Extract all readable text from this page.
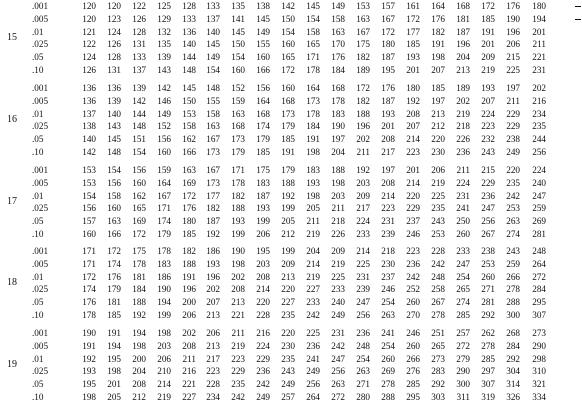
15
.001	120	120	122	125	128	133	135	138	142	145	149	153	157	161	164	168	172	176	180
.005	120	123	126	129	133	137	141	145	150	154	158	163	167	172	176	181	185	190	194
.01	121	124	128	132	136	140	145	149	154	158	163	167	172	177	182	187	191	196	201
.025	122	126	131	135	140	145	150	155	160	165	170	175	180	185	191	196	201	206	211
.05	124	128	133	139	144	149	154	160	165	171	176	182	187	193	198	204	209	215	221
.10	126	131	137	143	148	154	160	166	172	178	184	189	195	201	207	213	219	225	231
16
.001	136	136	139	142	145	148	152	156	160	164	168	172	176	180	185	189	193	197	202
.005	136	139	142	146	150	155	159	164	168	173	178	182	187	192	197	202	207	211	216
.01	137	140	144	149	153	158	163	168	173	178	183	188	193	208	213	219	224	229	234
.025	138	143	148	152	158	163	168	174	179	184	190	196	201	207	212	218	223	229	235
.05	140	145	151	156	162	167	173	179	185	191	197	202	208	214	220	226	232	238	244
.10	142	148	154	160	166	173	179	185	191	198	204	211	217	223	230	236	243	249	256
17
.001	153	154	156	159	163	167	171	175	179	183	188	192	197	201	206	211	215	220	224
.005	153	156	160	164	169	173	178	183	188	193	198	203	208	214	219	224	229	235	240
.01	154	158	162	167	172	177	182	187	192	198	203	209	214	220	225	231	236	242	247
.025	156	160	165	171	176	182	188	193	199	205	211	217	223	229	235	241	247	253	259
.05	157	163	169	174	180	187	193	199	205	211	218	224	231	237	243	250	256	263	269
.10	160	166	172	179	185	192	199	206	212	219	226	233	239	246	253	260	267	274	281
18
.001	171	172	175	178	182	186	190	195	199	204	209	214	218	223	228	233	238	243	248
.005	171	174	178	183	188	193	198	203	209	214	219	225	230	236	242	247	253	259	264
.01	172	176	181	186	191	196	202	208	213	219	225	231	237	242	248	254	260	266	272
.025	174	179	184	190	196	202	208	214	220	227	233	239	246	252	258	265	271	278	284
.05	176	181	188	194	200	207	213	220	227	233	240	247	254	260	267	274	281	288	295
.10	178	185	192	199	206	213	221	228	235	242	249	256	263	270	278	285	292	300	307
19
.001	190	191	194	198	202	206	211	216	220	225	231	236	241	246	251	257	262	268	273
.005	191	194	198	203	208	213	219	224	230	236	242	248	254	260	265	272	278	284	290
.01	192	195	200	206	211	217	223	229	235	241	247	254	260	266	273	279	285	292	298
.025	193	198	204	210	216	223	229	236	243	249	256	263	269	276	283	290	297	304	310
.05	195	201	208	214	221	228	235	242	249	256	263	271	278	285	292	300	307	314	321
.10	198	205	212	219	227	234	242	249	257	264	272	280	288	295	303	311	319	326	334
